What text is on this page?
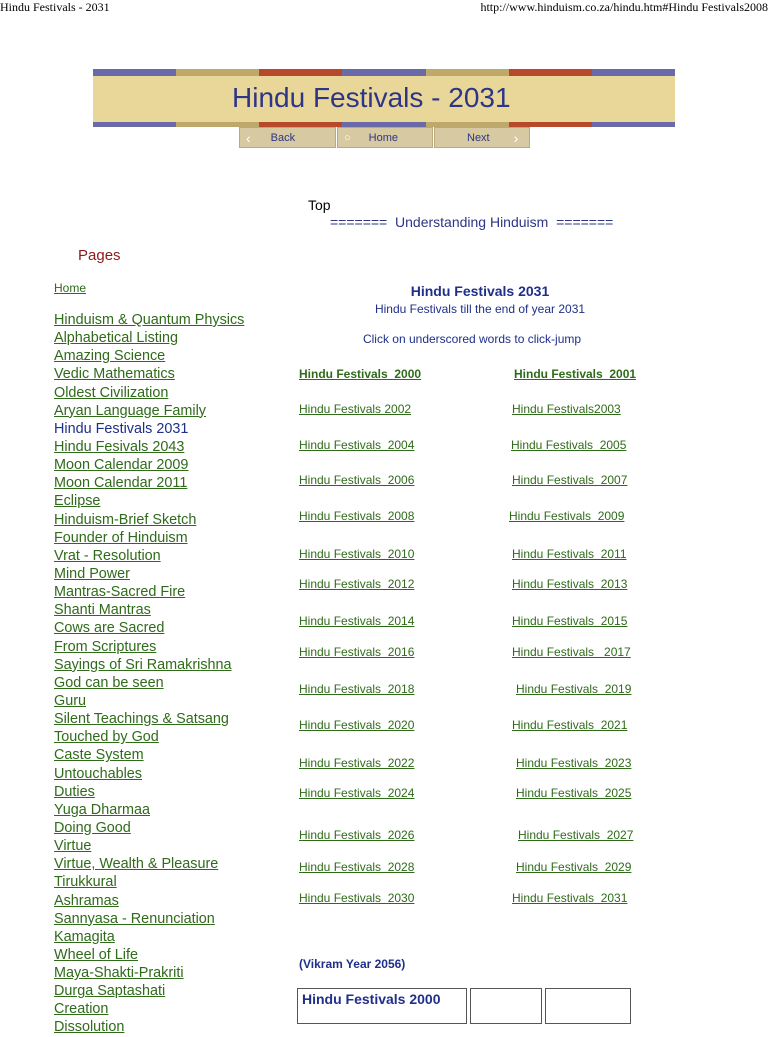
Hindu Festivals - 2031	http://www.hinduism.co.za/hindu.htm#Hindu Festivals2008
Hindu Festivals - 2031
‹ Back	○ Home	Next ›
Top
=======  Understanding Hinduism  =======
Pages
Home
Hinduism & Quantum Physics
Alphabetical Listing
Amazing Science
Vedic Mathematics
Oldest Civilization
Aryan Language Family
Hindu Festivals 2031
Hindu Fesivals 2043
Moon Calendar 2009
Moon Calendar 2011
Eclipse
Hinduism-Brief Sketch
Founder of Hinduism
Vrat - Resolution
Mind Power
Mantras-Sacred Fire
Shanti Mantras
Cows are Sacred
From Scriptures
Sayings of Sri Ramakrishna
God can be seen
Guru
Silent Teachings & Satsang
Touched by God
Caste System
Untouchables
Duties
Yuga Dharmaa
Doing Good
Virtue
Virtue, Wealth & Pleasure
Tirukkural
Ashramas
Sannyasa - Renunciation
Kamagita
Wheel of Life
Maya-Shakti-Prakriti
Durga Saptashati
Creation
Dissolution
Hindu Festivals 2031
Hindu Festivals till the end of year 2031
Click on underscored words to click-jump
Hindu Festivals  2000	Hindu Festivals  2001
Hindu Festivals 2002	Hindu Festivals2003
Hindu Festivals  2004	Hindu Festivals  2005
Hindu Festivals  2006	Hindu Festivals  2007
Hindu Festivals  2008	Hindu Festivals  2009
Hindu Festivals  2010	Hindu Festivals  2011
Hindu Festivals  2012	Hindu Festivals  2013
Hindu Festivals  2014	Hindu Festivals  2015
Hindu Festivals  2016	Hindu Festivals   2017
Hindu Festivals  2018	Hindu Festivals  2019
Hindu Festivals  2020	Hindu Festivals  2021
Hindu Festivals  2022	Hindu Festivals  2023
Hindu Festivals  2024	Hindu Festivals  2025
Hindu Festivals  2026	Hindu Festivals  2027
Hindu Festivals  2028	Hindu Festivals  2029
Hindu Festivals  2030	Hindu Festivals  2031
(Vikram Year 2056)
Hindu Festivals 2000
